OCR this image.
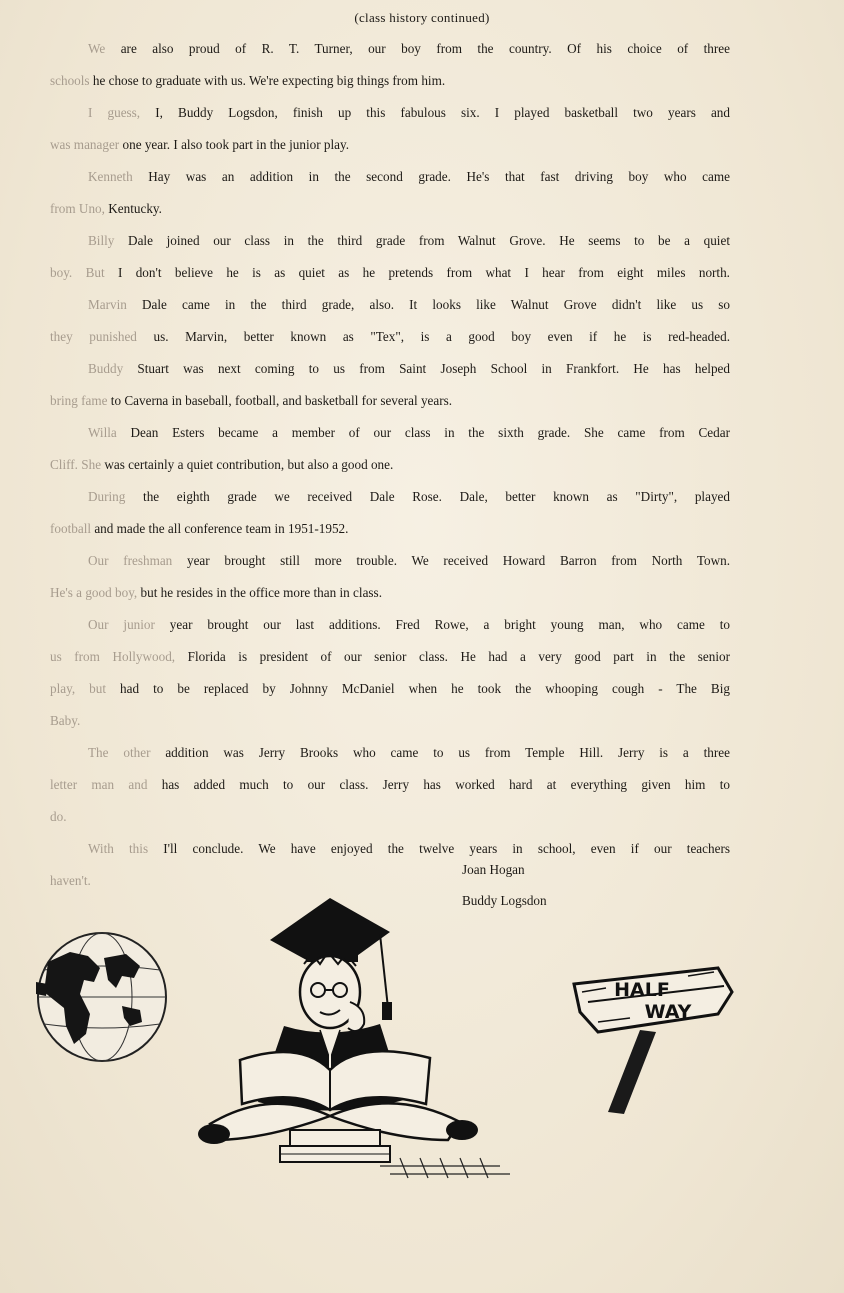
(class history continued)
We are also proud of R. T. Turner, our boy from the country. Of his choice of three
schools he chose to graduate with us. We're expecting big things from him.
I guess, I, Buddy Logsdon, finish up this fabulous six. I played basketball two years and
was manager one year. I also took part in the junior play.
Kenneth Hay was an addition in the second grade. He's that fast driving boy who came
from Uno, Kentucky.
Billy Dale joined our class in the third grade from Walnut Grove. He seems to be a quiet
boy. But I don't believe he is as quiet as he pretends from what I hear from eight miles north.
Marvin Dale came in the third grade, also. It looks like Walnut Grove didn't like us so
they punished us. Marvin, better known as "Tex", is a good boy even if he is red-headed.
Buddy Stuart was next coming to us from Saint Joseph School in Frankfort. He has helped
bring fame to Caverna in baseball, football, and basketball for several years.
Willa Dean Esters became a member of our class in the sixth grade. She came from Cedar
Cliff. She was certainly a quiet contribution, but also a good one.
During the eighth grade we received Dale Rose. Dale, better known as "Dirty", played
football and made the all conference team in 1951-1952.
Our freshman year brought still more trouble. We received Howard Barron from North Town.
He's a good boy, but he resides in the office more than in class.
Our junior year brought our last additions. Fred Rowe, a bright young man, who came to
us from Hollywood, Florida is president of our senior class. He had a very good part in the senior
play, but had to be replaced by Johnny McDaniel when he took the whooping cough - The Big
Baby.
The other addition was Jerry Brooks who came to us from Temple Hill. Jerry is a three
letter man and has added much to our class. Jerry has worked hard at everything given him to
do.
With this I'll conclude. We have enjoyed the twelve years in school, even if our teachers
haven't.
Joan Hogan
Buddy Logsdon
HALF
WAY
